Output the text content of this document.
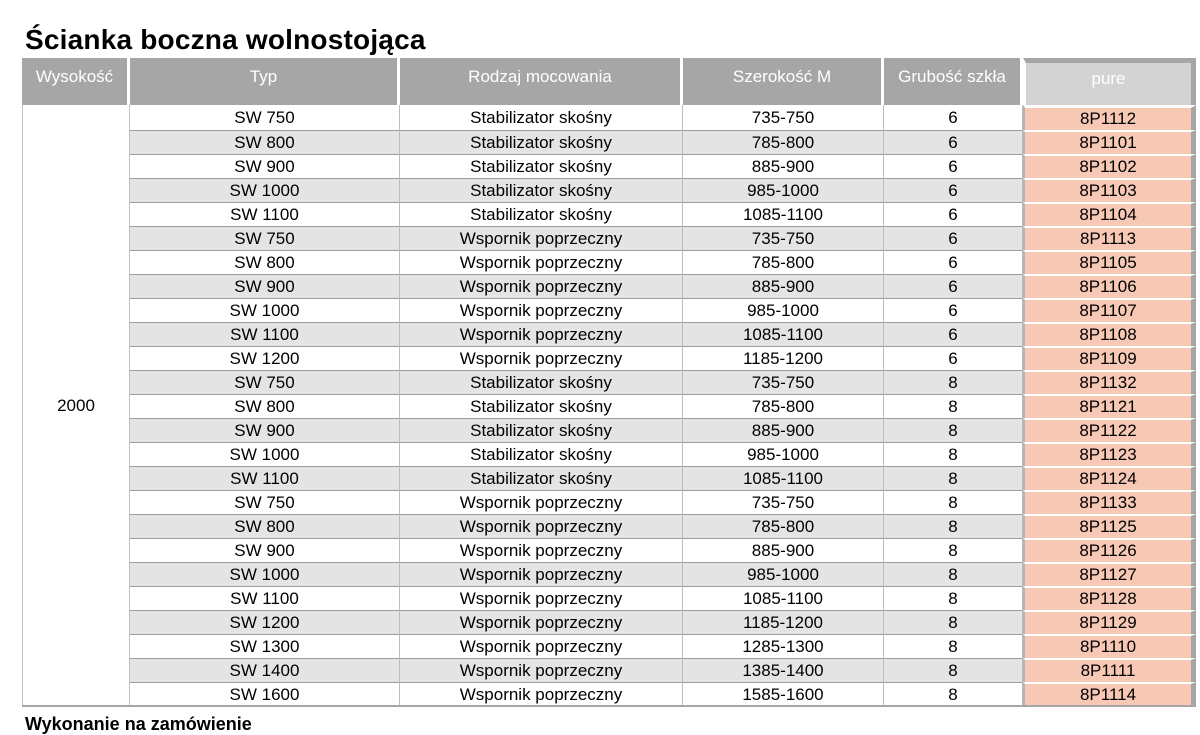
Ścianka boczna wolnostojąca
Wysokość	Typ	Rodzaj mocowania	Szerokość M	Grubość szkła	pure
2000	SW 750	Stabilizator skośny	735-750	6	8P1112
	SW 800	Stabilizator skośny	785-800	6	8P1101
	SW 900	Stabilizator skośny	885-900	6	8P1102
	SW 1000	Stabilizator skośny	985-1000	6	8P1103
	SW 1100	Stabilizator skośny	1085-1100	6	8P1104
	SW 750	Wspornik poprzeczny	735-750	6	8P1113
	SW 800	Wspornik poprzeczny	785-800	6	8P1105
	SW 900	Wspornik poprzeczny	885-900	6	8P1106
	SW 1000	Wspornik poprzeczny	985-1000	6	8P1107
	SW 1100	Wspornik poprzeczny	1085-1100	6	8P1108
	SW 1200	Wspornik poprzeczny	1185-1200	6	8P1109
	SW 750	Stabilizator skośny	735-750	8	8P1132
	SW 800	Stabilizator skośny	785-800	8	8P1121
	SW 900	Stabilizator skośny	885-900	8	8P1122
	SW 1000	Stabilizator skośny	985-1000	8	8P1123
	SW 1100	Stabilizator skośny	1085-1100	8	8P1124
	SW 750	Wspornik poprzeczny	735-750	8	8P1133
	SW 800	Wspornik poprzeczny	785-800	8	8P1125
	SW 900	Wspornik poprzeczny	885-900	8	8P1126
	SW 1000	Wspornik poprzeczny	985-1000	8	8P1127
	SW 1100	Wspornik poprzeczny	1085-1100	8	8P1128
	SW 1200	Wspornik poprzeczny	1185-1200	8	8P1129
	SW 1300	Wspornik poprzeczny	1285-1300	8	8P1110
	SW 1400	Wspornik poprzeczny	1385-1400	8	8P1111
	SW 1600	Wspornik poprzeczny	1585-1600	8	8P1114
Wykonanie na zamówienie
